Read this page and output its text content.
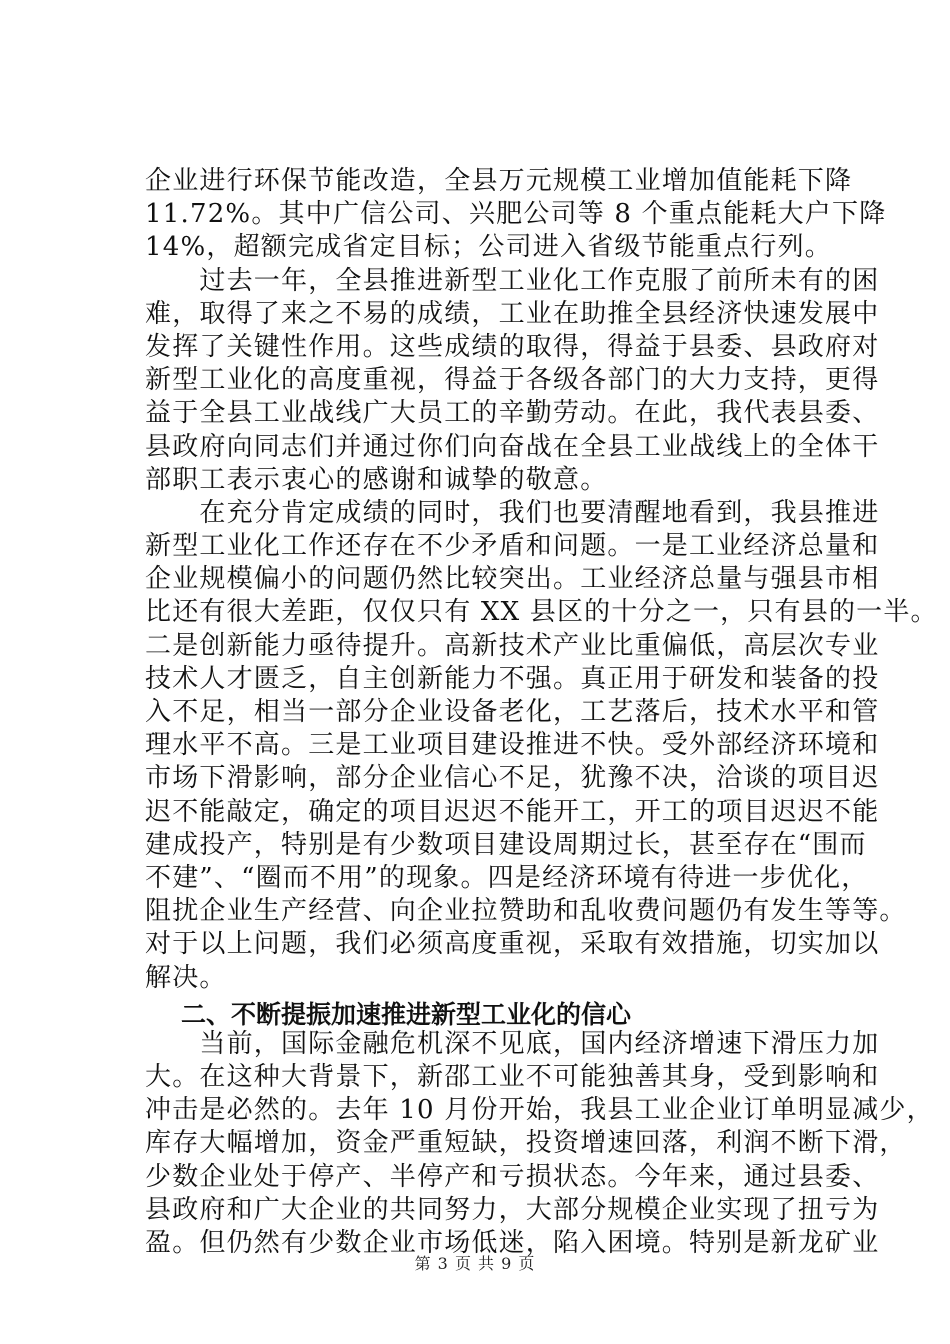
企业进行环保节能改造，全县万元规模工业增加值能耗下降
11.72%。其中广信公司、兴肥公司等 8 个重点能耗大户下降
14%，超额完成省定目标；公司进入省级节能重点行列。
　　过去一年，全县推进新型工业化工作克服了前所未有的困
难，取得了来之不易的成绩，工业在助推全县经济快速发展中
发挥了关键性作用。这些成绩的取得，得益于县委、县政府对
新型工业化的高度重视，得益于各级各部门的大力支持，更得
益于全县工业战线广大员工的辛勤劳动。在此，我代表县委、
县政府向同志们并通过你们向奋战在全县工业战线上的全体干
部职工表示衷心的感谢和诚挚的敬意。
　　在充分肯定成绩的同时，我们也要清醒地看到，我县推进
新型工业化工作还存在不少矛盾和问题。一是工业经济总量和
企业规模偏小的问题仍然比较突出。工业经济总量与强县市相
比还有很大差距，仅仅只有 XX 县区的十分之一，只有县的一半。
二是创新能力亟待提升。高新技术产业比重偏低，高层次专业
技术人才匮乏，自主创新能力不强。真正用于研发和装备的投
入不足，相当一部分企业设备老化，工艺落后，技术水平和管
理水平不高。三是工业项目建设推进不快。受外部经济环境和
市场下滑影响，部分企业信心不足，犹豫不决，洽谈的项目迟
迟不能敲定，确定的项目迟迟不能开工，开工的项目迟迟不能
建成投产，特别是有少数项目建设周期过长，甚至存在“围而
不建”、“圈而不用”的现象。四是经济环境有待进一步优化，
阻扰企业生产经营、向企业拉赞助和乱收费问题仍有发生等等。
对于以上问题，我们必须高度重视，采取有效措施，切实加以
解决。
二、不断提振加速推进新型工业化的信心
　　当前，国际金融危机深不见底，国内经济增速下滑压力加
大。在这种大背景下，新邵工业不可能独善其身，受到影响和
冲击是必然的。去年 10 月份开始，我县工业企业订单明显减少，
库存大幅增加，资金严重短缺，投资增速回落，利润不断下滑，
少数企业处于停产、半停产和亏损状态。今年来，通过县委、
县政府和广大企业的共同努力，大部分规模企业实现了扭亏为
盈。但仍然有少数企业市场低迷，陷入困境。特别是新龙矿业
第 3 页 共 9 页
